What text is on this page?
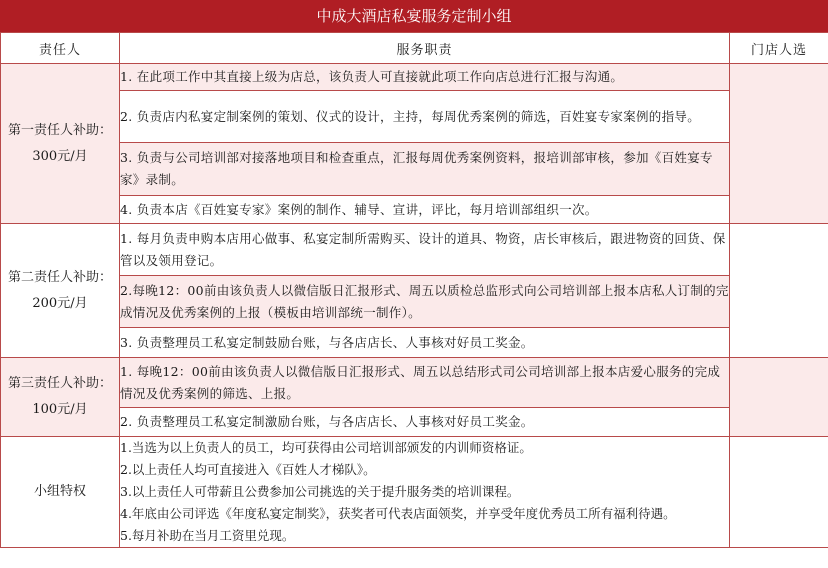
中成大酒店私宴服务定制小组
责任人	服务职责	门店人选
第一责任人补助：300元/月	1. 在此项工作中其直接上级为店总，该负责人可直接就此项工作向店总进行汇报与沟通。	
	2. 负责店内私宴定制案例的策划、仪式的设计，主持，每周优秀案例的筛选，百姓宴专家案例的指导。	
	3. 负责与公司培训部对接落地项目和检查重点，汇报每周优秀案例资料，报培训部审核，参加《百姓宴专家》录制。	
	4. 负责本店《百姓宴专家》案例的制作、辅导、宣讲，评比，每月培训部组织一次。	
第二责任人补助：200元/月	1. 每月负责申购本店用心做事、私宴定制所需购买、设计的道具、物资，店长审核后，跟进物资的回货、保管以及领用登记。	
	2.每晚12：00前由该负责人以微信版日汇报形式、周五以质检总监形式向公司培训部上报本店私人订制的完成情况及优秀案例的上报（模板由培训部统一制作）。	
	3. 负责整理员工私宴定制鼓励台账，与各店店长、人事核对好员工奖金。	
第三责任人补助：100元/月	1. 每晚12：00前由该负责人以微信版日汇报形式、周五以总结形式司公司培训部上报本店爱心服务的完成情况及优秀案例的筛选、上报。	
	2. 负责整理员工私宴定制激励台账，与各店店长、人事核对好员工奖金。	
小组特权	1.当选为以上负责人的员工，均可获得由公司培训部颁发的内训师资格证。
2.以上责任人均可直接进入《百姓人才梯队》。
3.以上责任人可带薪且公费参加公司挑选的关于提升服务类的培训课程。
4.年底由公司评选《年度私宴定制奖》，获奖者可代表店面领奖，并享受年度优秀员工所有福利待遇。
5.每月补助在当月工资里兑现。	
